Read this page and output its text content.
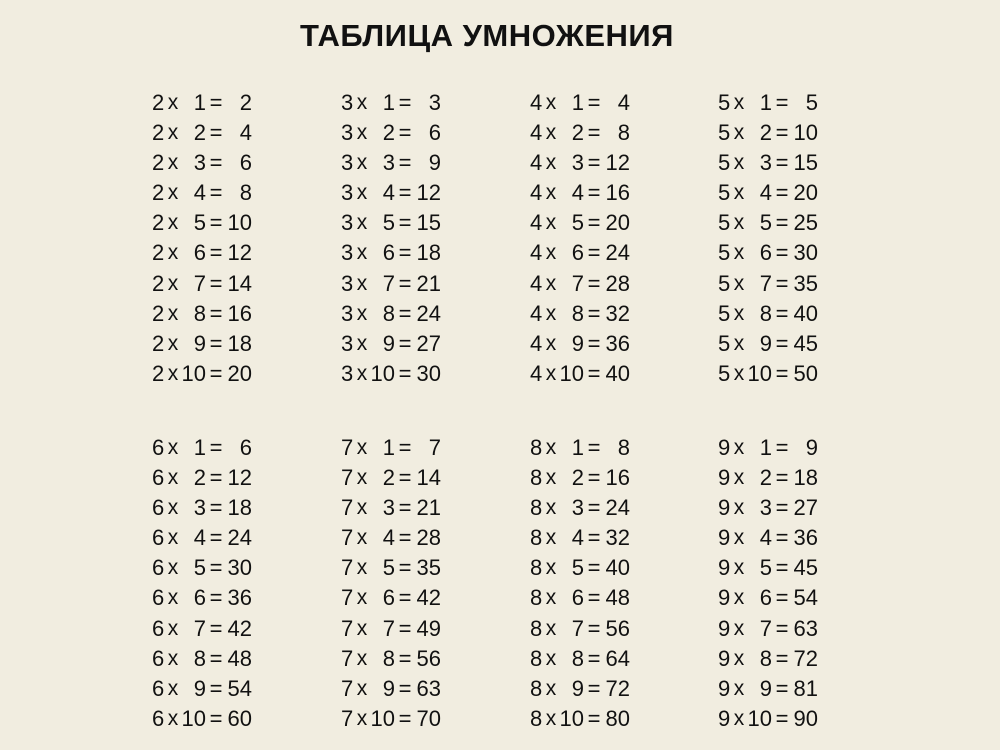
ТАБЛИЦА УМНОЖЕНИЯ
2 x 1 = 2
2 x 2 = 4
2 x 3 = 6
2 x 4 = 8
2 x 5 = 10
2 x 6 = 12
2 x 7 = 14
2 x 8 = 16
2 x 9 = 18
2 x 10 = 20
3 x 1 = 3
3 x 2 = 6
3 x 3 = 9
3 x 4 = 12
3 x 5 = 15
3 x 6 = 18
3 x 7 = 21
3 x 8 = 24
3 x 9 = 27
3 x 10 = 30
4 x 1 = 4
4 x 2 = 8
4 x 3 = 12
4 x 4 = 16
4 x 5 = 20
4 x 6 = 24
4 x 7 = 28
4 x 8 = 32
4 x 9 = 36
4 x 10 = 40
5 x 1 = 5
5 x 2 = 10
5 x 3 = 15
5 x 4 = 20
5 x 5 = 25
5 x 6 = 30
5 x 7 = 35
5 x 8 = 40
5 x 9 = 45
5 x 10 = 50
6 x 1 = 6
6 x 2 = 12
6 x 3 = 18
6 x 4 = 24
6 x 5 = 30
6 x 6 = 36
6 x 7 = 42
6 x 8 = 48
6 x 9 = 54
6 x 10 = 60
7 x 1 = 7
7 x 2 = 14
7 x 3 = 21
7 x 4 = 28
7 x 5 = 35
7 x 6 = 42
7 x 7 = 49
7 x 8 = 56
7 x 9 = 63
7 x 10 = 70
8 x 1 = 8
8 x 2 = 16
8 x 3 = 24
8 x 4 = 32
8 x 5 = 40
8 x 6 = 48
8 x 7 = 56
8 x 8 = 64
8 x 9 = 72
8 x 10 = 80
9 x 1 = 9
9 x 2 = 18
9 x 3 = 27
9 x 4 = 36
9 x 5 = 45
9 x 6 = 54
9 x 7 = 63
9 x 8 = 72
9 x 9 = 81
9 x 10 = 90
